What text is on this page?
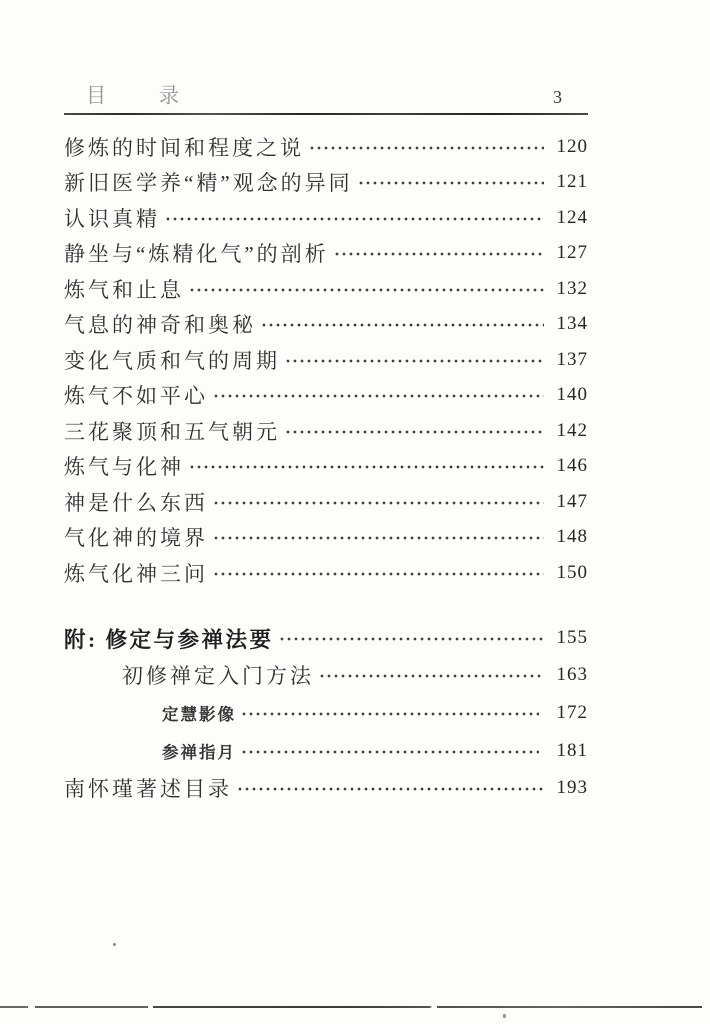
目 录	3
修炼的时间和程度之说	120
新旧医学养“精”观念的异同	121
认识真精	124
静坐与“炼精化气”的剖析	127
炼气和止息	132
气息的神奇和奥秘	134
变化气质和气的周期	137
炼气不如平心	140
三花聚顶和五气朝元	142
炼气与化神	146
神是什么东西	147
气化神的境界	148
炼气化神三问	150
附: 修定与参禅法要	155
初修禅定入门方法	163
定慧影像	172
参禅指月	181
南怀瑾著述目录	193
